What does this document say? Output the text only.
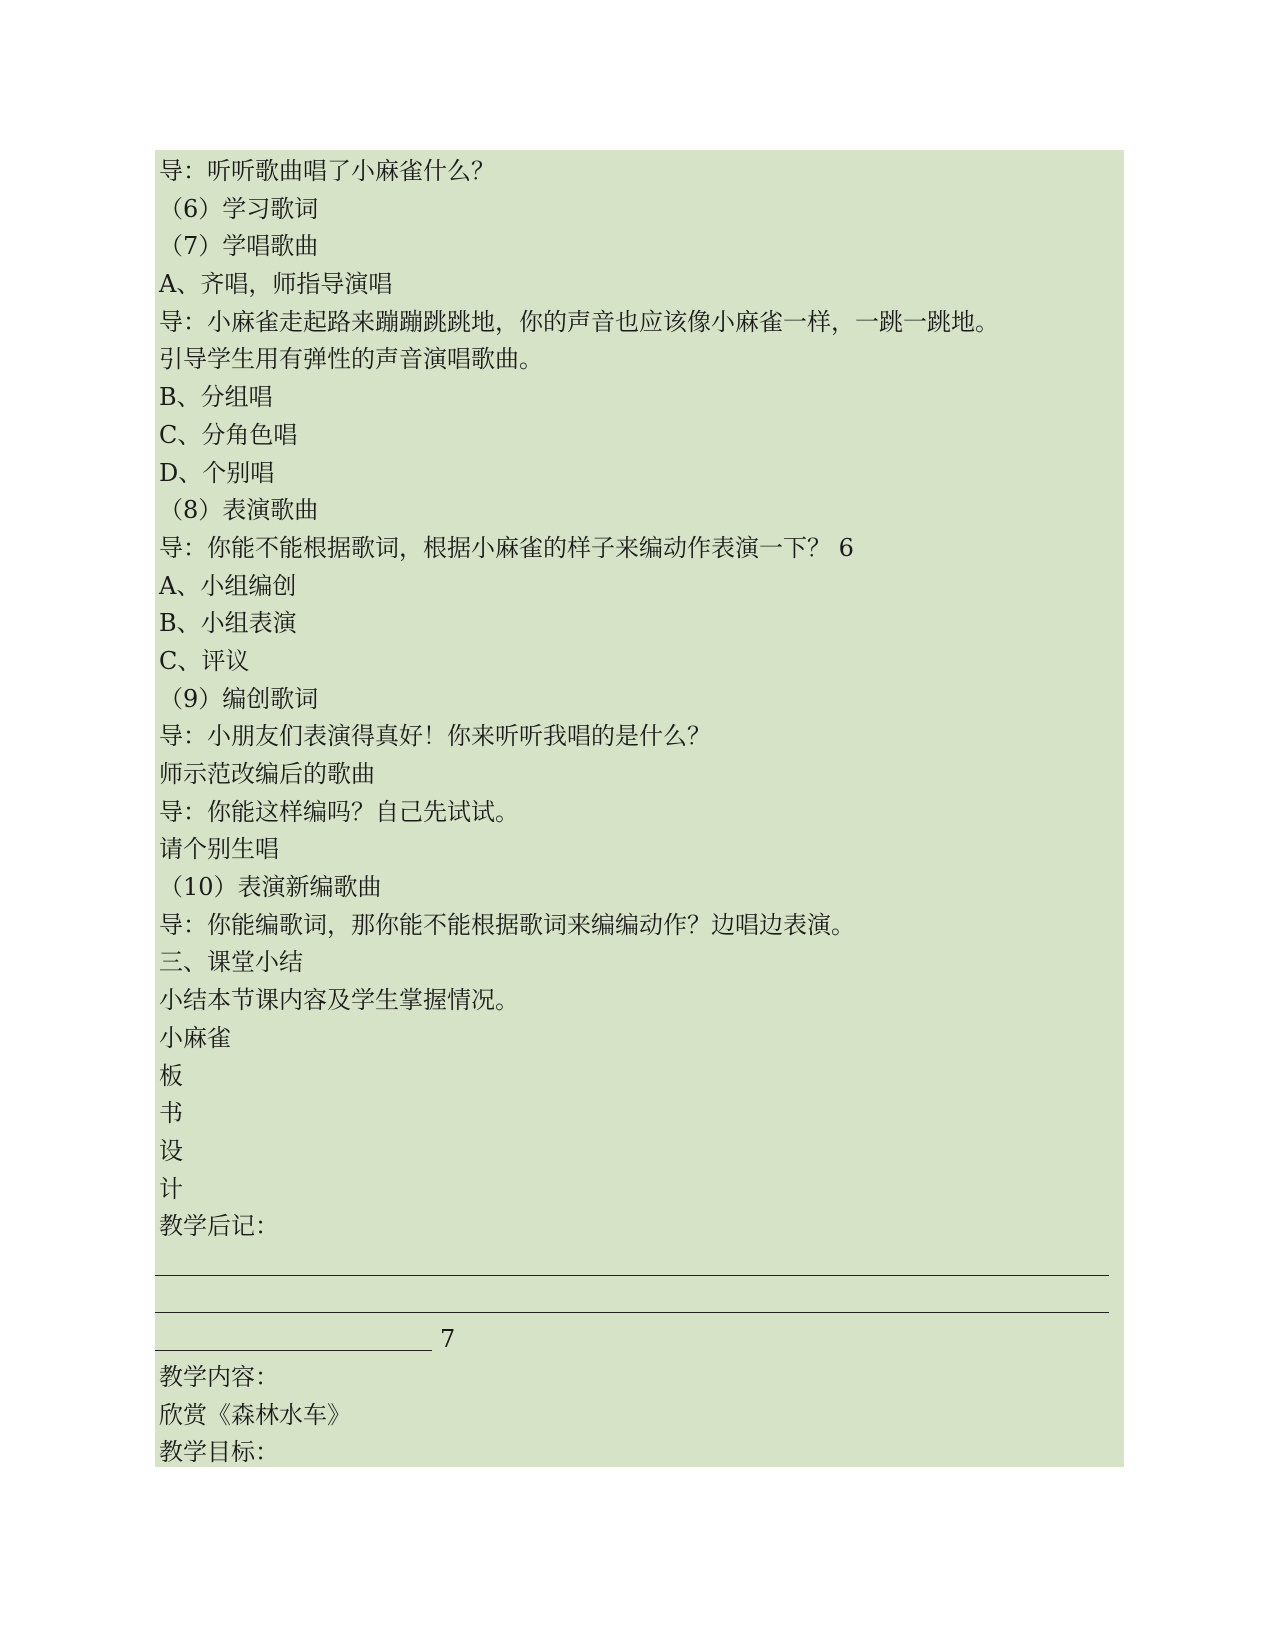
导：听听歌曲唱了小麻雀什么？
（6）学习歌词
（7）学唱歌曲
A、齐唱，师指导演唱
导：小麻雀走起路来蹦蹦跳跳地，你的声音也应该像小麻雀一样，一跳一跳地。
引导学生用有弹性的声音演唱歌曲。
B、分组唱
C、分角色唱
D、个别唱
（8）表演歌曲
导：你能不能根据歌词，根据小麻雀的样子来编动作表演一下？ 6
A、小组编创
B、小组表演
C、评议
（9）编创歌词
导：小朋友们表演得真好！你来听听我唱的是什么？
师示范改编后的歌曲
导：你能这样编吗？自己先试试。
请个别生唱
（10）表演新编歌曲
导：你能编歌词，那你能不能根据歌词来编编动作？边唱边表演。
三、课堂小结
小结本节课内容及学生掌握情况。
小麻雀
板
书
设
计
教学后记：
7
教学内容：
欣赏《森林水车》
教学目标：
